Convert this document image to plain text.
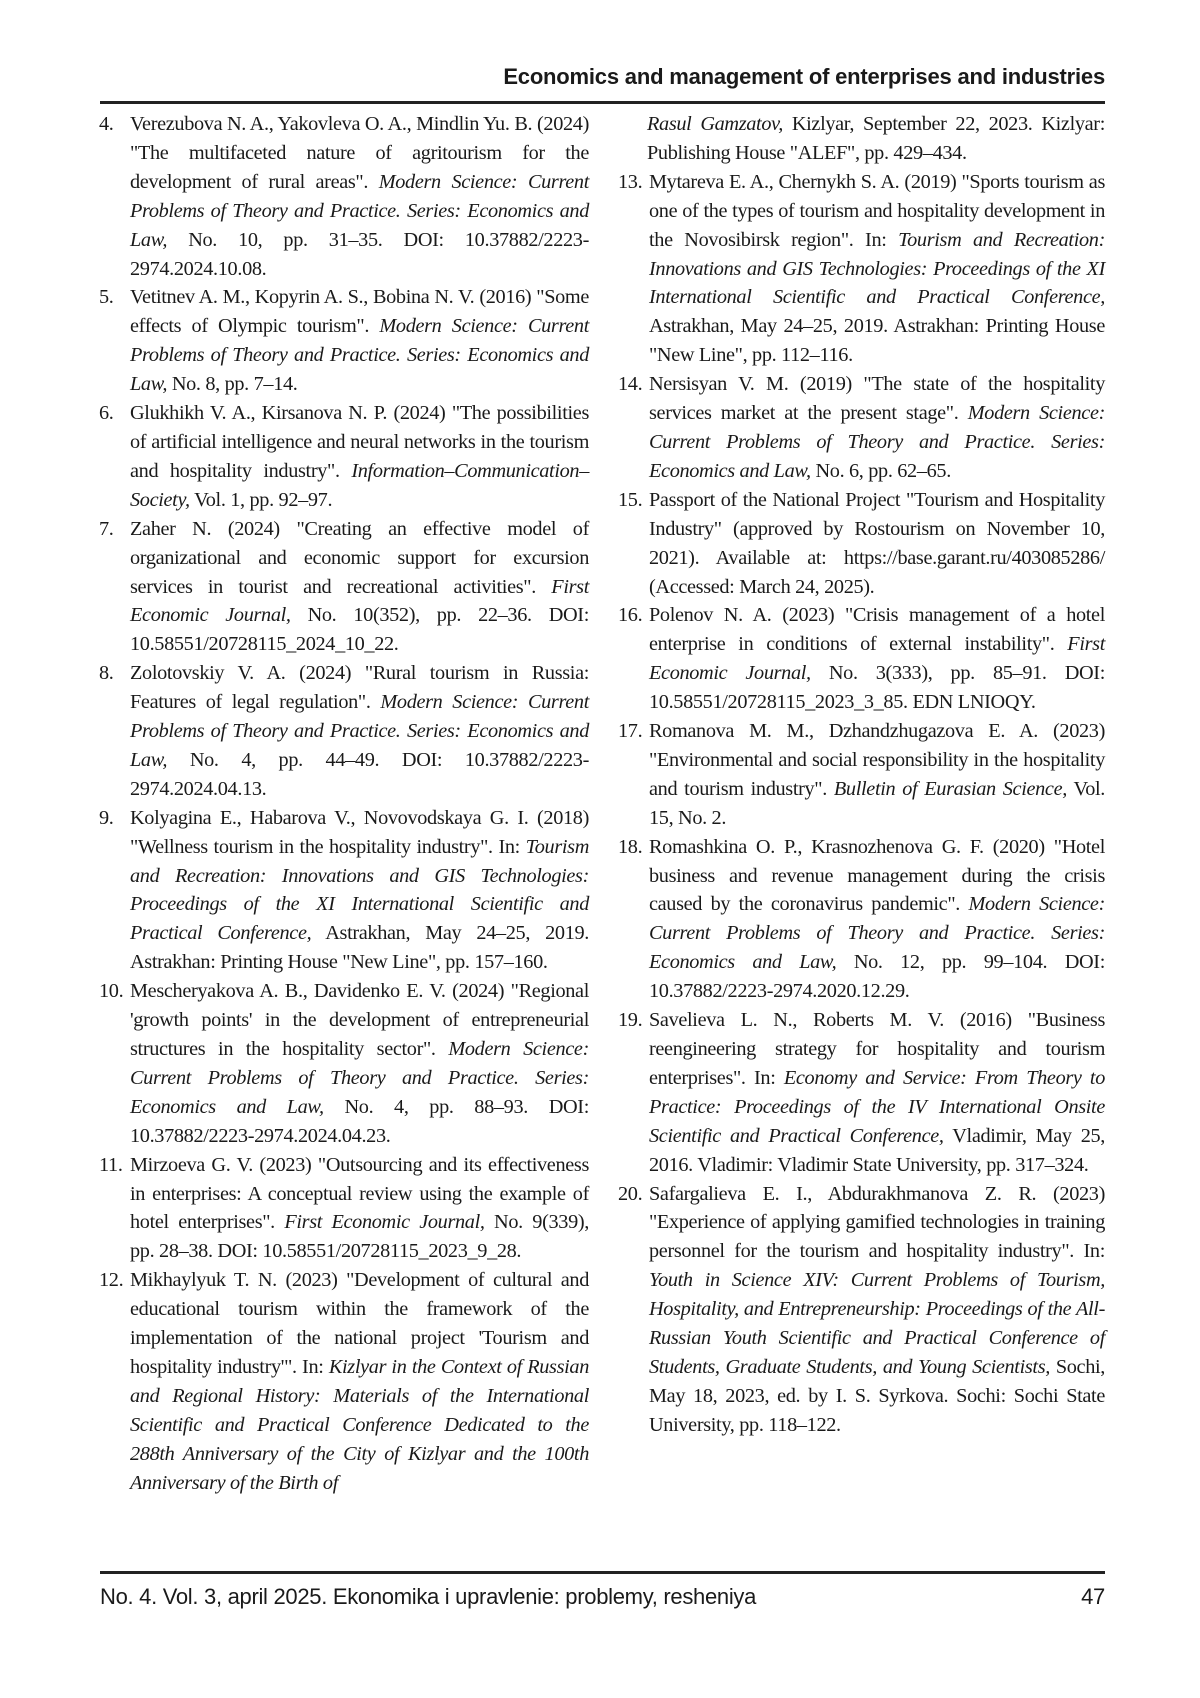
Economics and management of enterprises and industries
4. Verezubova N. A., Yakovleva O. A., Mindlin Yu. B. (2024) "The multifaceted nature of agritourism for the development of rural areas". Modern Science: Current Problems of Theory and Practice. Series: Economics and Law, No. 10, pp. 31–35. DOI: 10.37882/2223-2974.2024.10.08.
5. Vetitnev A. M., Kopyrin A. S., Bobina N. V. (2016) "Some effects of Olympic tourism". Modern Science: Current Problems of Theory and Practice. Series: Economics and Law, No. 8, pp. 7–14.
6. Glukhikh V. A., Kirsanova N. P. (2024) "The possi­bilities of artificial intelligence and neural networks in the tourism and hospitality industry". Information–Communication–Society, Vol. 1, pp. 92–97.
7. Zaher N. (2024) "Creating an effective model of organizational and economic support for excursion services in tourist and recreational activities". First Economic Journal, No. 10(352), pp. 22–36. DOI: 10.58551/20728115_2024_10_22.
8. Zolotovskiy V. A. (2024) "Rural tourism in Russia: Features of legal regulation". Modern Science: Current Problems of Theory and Practice. Series: Economics and Law, No. 4, pp. 44–49. DOI: 10.37882/2223-2974.2024.04.13.
9. Kolyagina E., Habarova V., Novovodskaya G. I. (2018) "Wellness tourism in the hospitality in­dustry". In: Tourism and Recreation: Innovations and GIS Technologies: Proceedings of the XI International Scientific and Practical Conference, Astrakhan, May 24–25, 2019. Astrakhan: Printing House "New Line", pp. 157–160.
10. Mescheryakova A. B., Davidenko E. V. (2024) "Regional 'growth points' in the development of entrepreneurial structures in the hospitality sector". Modern Science: Current Problems of Theory and Practice. Series: Economics and Law, No. 4, pp. 88–93. DOI: 10.37882/2223-2974.2024.04.23.
11. Mirzoeva G. V. (2023) "Outsourcing and its ef­fectiveness in enterprises: A conceptual review using the example of hotel enterprises". First Economic Journal, No. 9(339), pp. 28–38. DOI: 10.58551/20728115_2023_9_28.
12. Mikhaylyuk T. N. (2023) "Development of cultural and educational tourism within the framework of the implementation of the national project 'Tourism and hospitality industry'". In: Kizlyar in the Context of Russian and Regional History: Materials of the International Scientific and Practical Conference Dedicated to the 288th Anniversary of the City of Kizlyar and the 100th Anniversary of the Birth of
Rasul Gamzatov, Kizlyar, September 22, 2023. Kizlyar: Publishing House "ALEF", pp. 429–434.
13. Mytareva E. A., Chernykh S. A. (2019) "Sports tourism as one of the types of tourism and hos­pitality development in the Novosibirsk region". In: Tourism and Recreation: Innovations and GIS Technologies: Proceedings of the XI International Scientific and Practical Conference, Astrakhan, May 24–25, 2019. Astrakhan: Printing House "New Line", pp. 112–116.
14. Nersisyan V. M. (2019) "The state of the hospital­ity services market at the present stage". Modern Science: Current Problems of Theory and Practice. Series: Economics and Law, No. 6, pp. 62–65.
15. Passport of the National Project "Tourism and Hospitality Industry" (approved by Rostourism on November 10, 2021). Available at: https://base.​garant.ru/403085286/ (Accessed: March 24, 2025).
16. Polenov N. A. (2023) "Crisis management of a hotel enterprise in conditions of external instabil­ity". First Economic Journal, No. 3(333), pp. 85–91. DOI: 10.58551/20728115_2023_3_85. EDN LNIOQY.
17. Romanova M. M., Dzhandzhugazova E. A. (2023) "Environmental and social responsibility in the hospitality and tourism industry". Bulletin of Eurasian Science, Vol. 15, No. 2.
18. Romashkina O. P., Krasnozhenova G. F. (2020) "Hotel business and revenue management during the crisis caused by the coronavirus pandemic". Modern Science: Current Problems of Theory and Practice. Series: Economics and Law, No. 12, pp. 99–104. DOI: 10.37882/2223-2974.2020.12.29.
19. Savelieva L. N., Roberts M. V. (2016) "Business reengineering strategy for hospitality and tour­ism enterprises". In: Economy and Service: From Theory to Practice: Proceedings of the IV International Onsite Scientific and Practical Conference, Vladimir, May 25, 2016. Vladimir: Vladimir State University, pp. 317–324.
20. Safargalieva E. I., Abdurakhmanova Z. R. (2023) "Experience of applying gamified technolo­gies in training personnel for the tourism and hospitality industry". In: Youth in Science XIV: Current Problems of Tourism, Hospitality, and Entrepreneurship: Proceedings of the All-Russian Youth Scientific and Practical Conference of Students, Graduate Students, and Young Scientists, Sochi, May 18, 2023, ed. by I. S. Syrkova. Sochi: Sochi State University, pp. 118–122.
No. 4. Vol. 3, april 2025. Ekonomika i upravlenie: problemy, resheniya	47
